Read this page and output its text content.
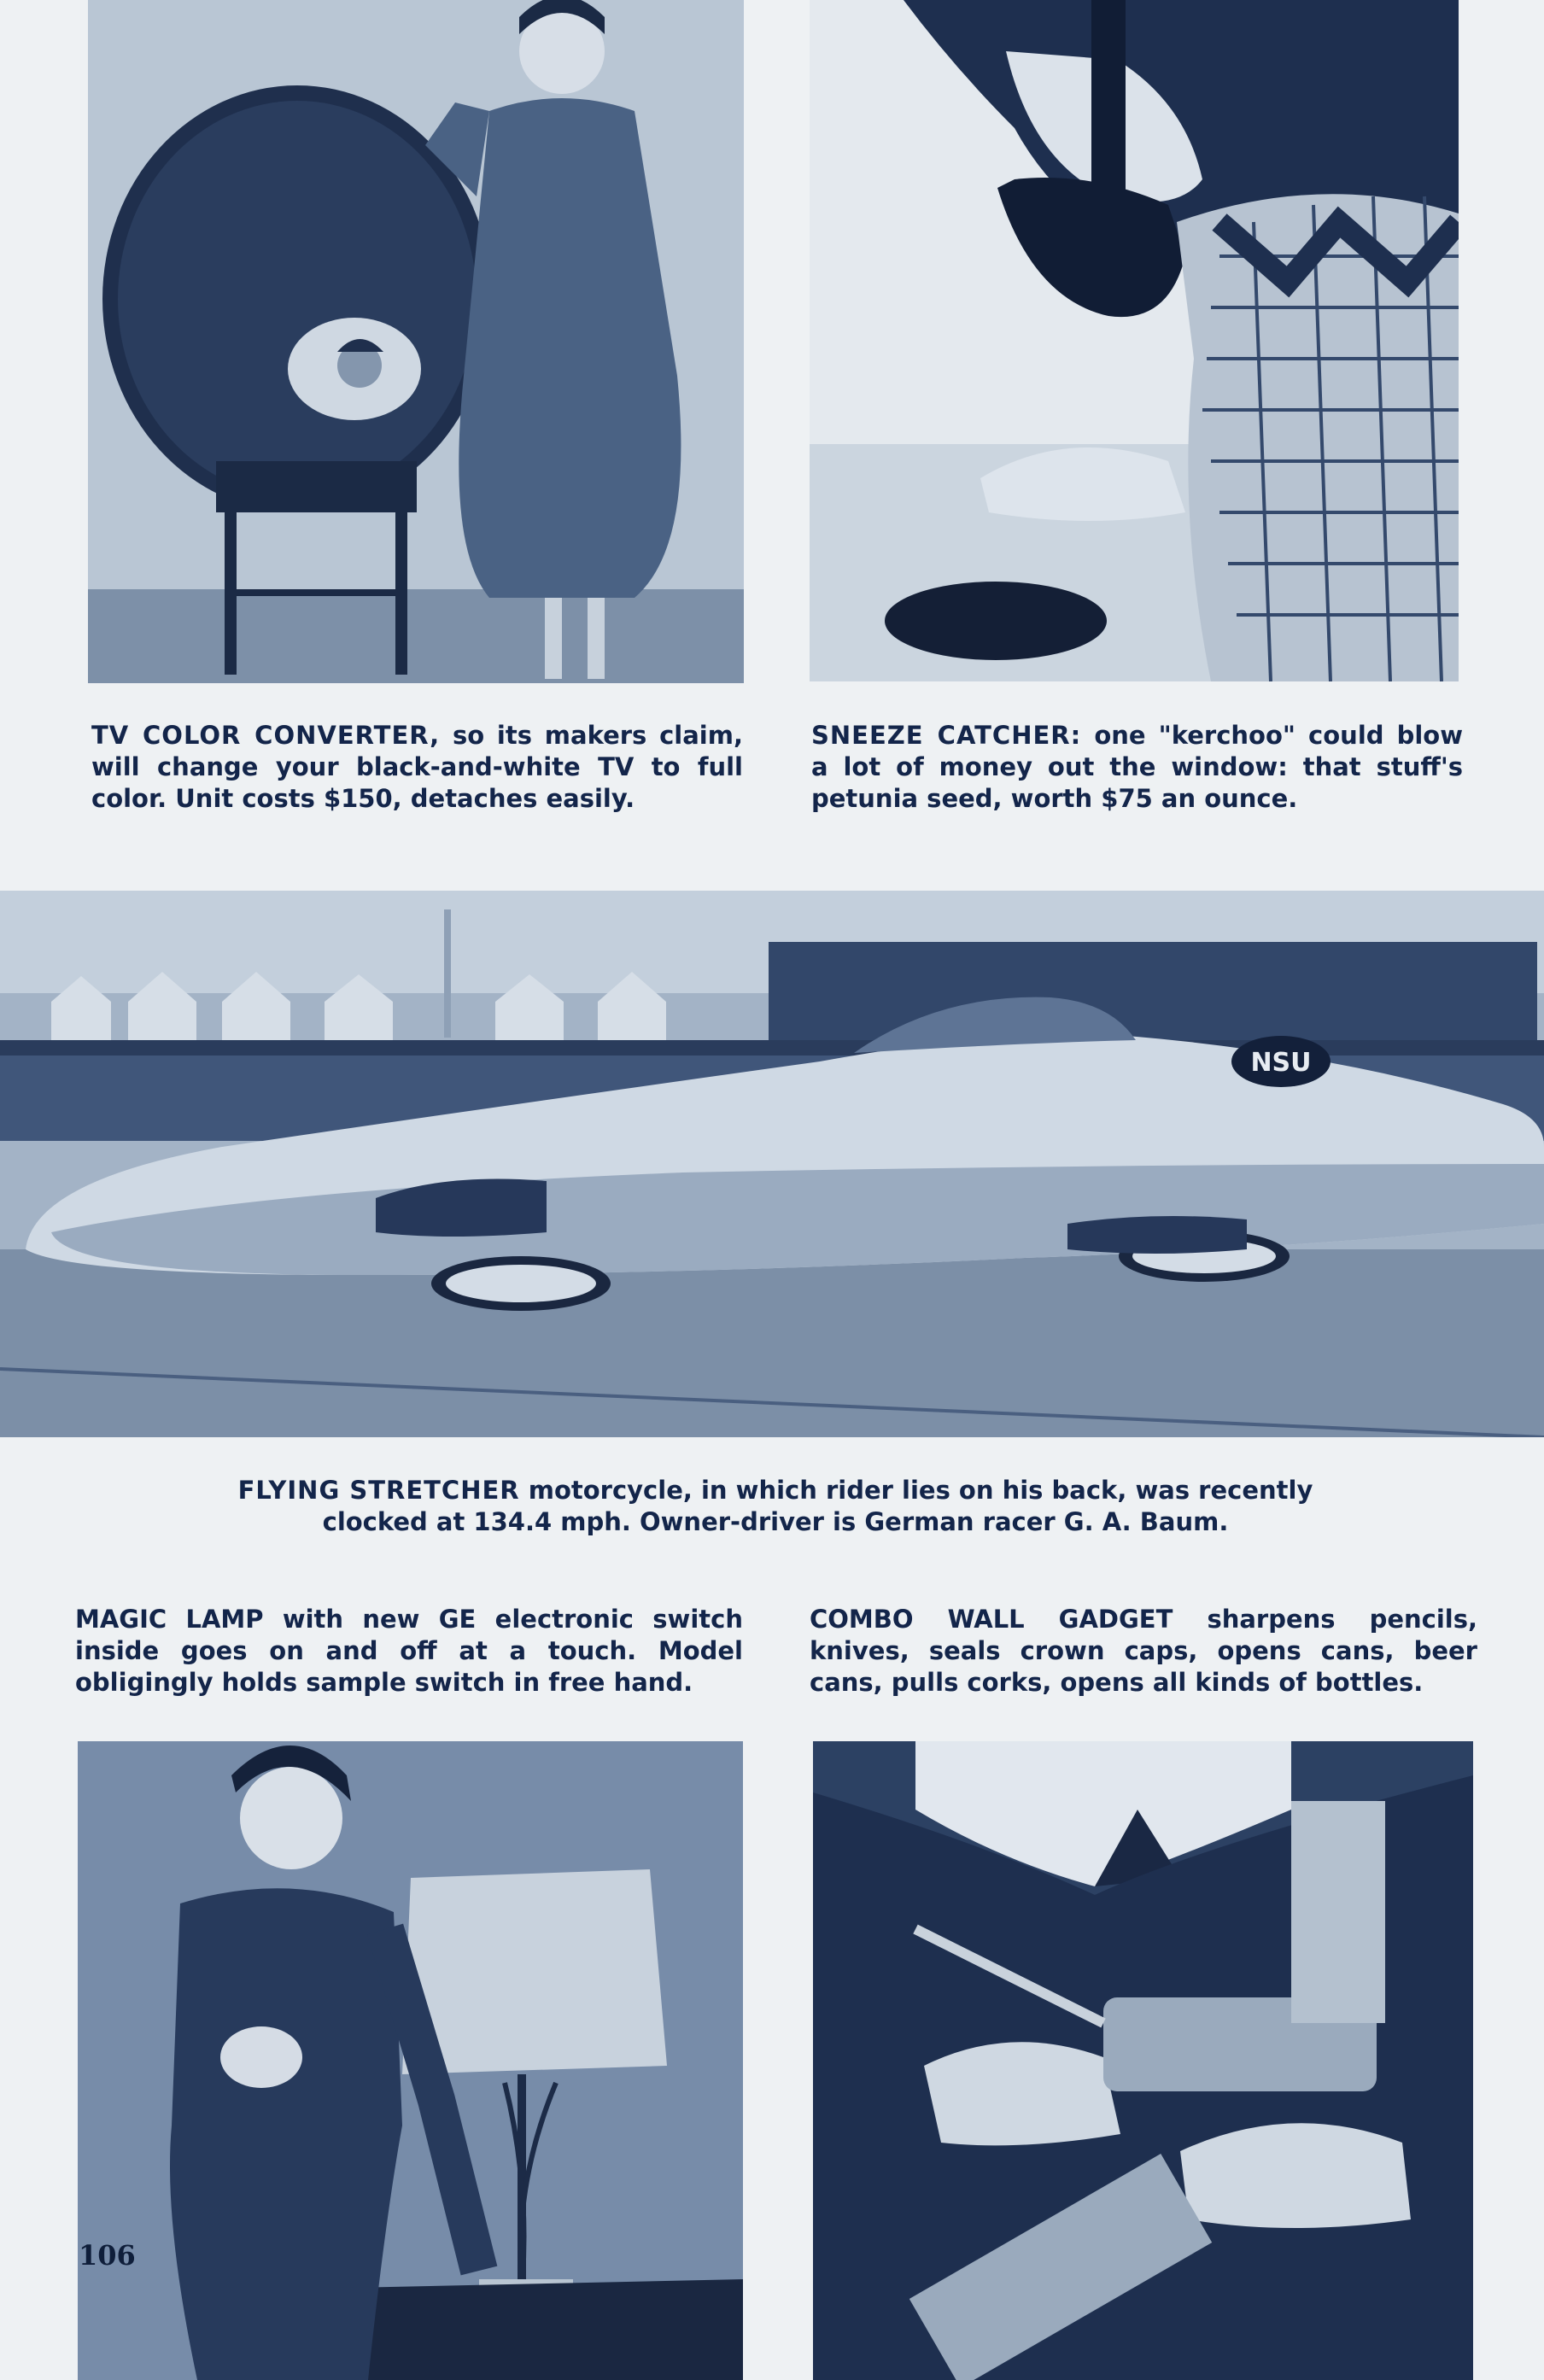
TV COLOR CONVERTER, so its makers claim, will change your black-and-white TV to full color. Unit costs $150, detaches easily.

SNEEZE CATCHER: one "kerchoo" could blow a lot of money out the window: that stuff's petunia seed, worth $75 an ounce.

NSU

FLYING STRETCHER motorcycle, in which rider lies on his back, was recently clocked at 134.4 mph. Owner-driver is German racer G. A. Baum.

MAGIC LAMP with new GE electronic switch inside goes on and off at a touch. Model obligingly holds sample switch in free hand.

COMBO WALL GADGET sharpens pencils, knives, seals crown caps, opens cans, beer cans, pulls corks, opens all kinds of bottles.

106
